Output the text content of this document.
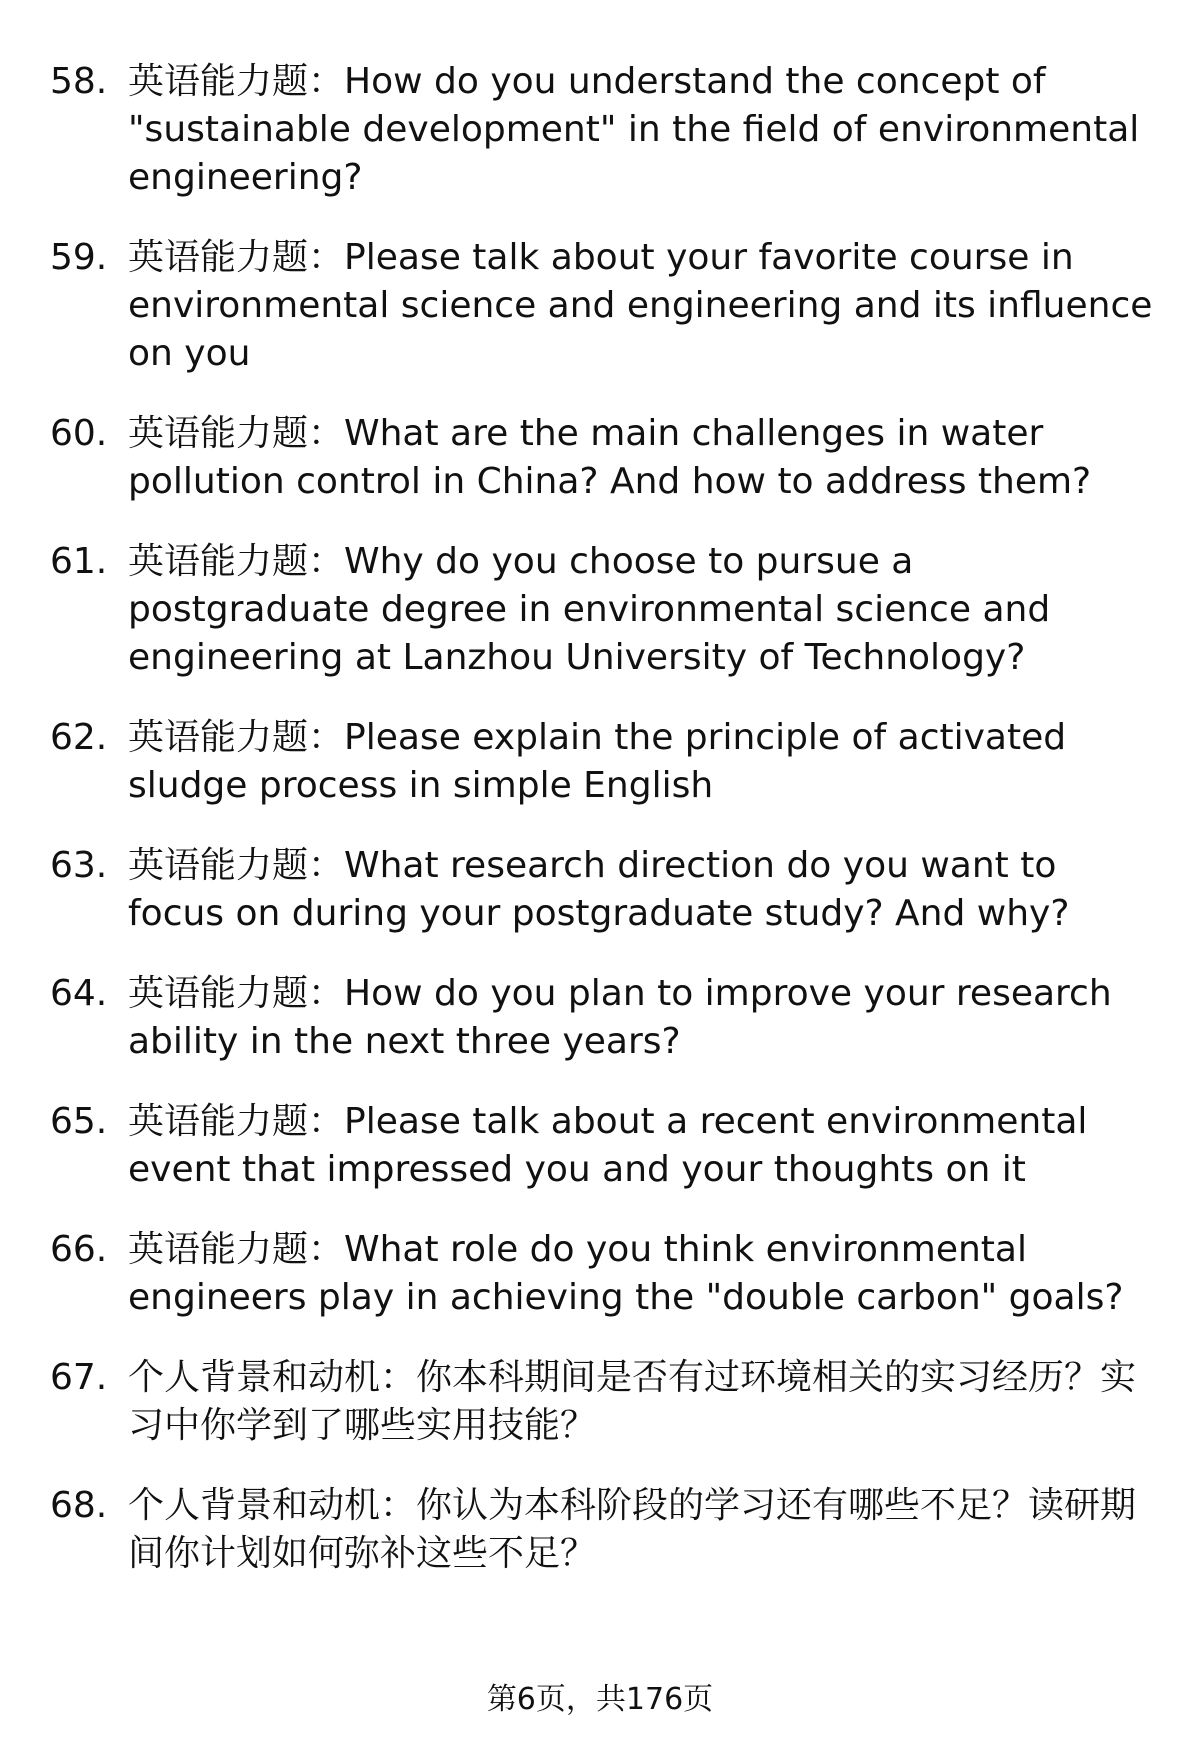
58. 英语能力题：How do you understand the concept of "sustainable development" in the field of environmental engineering?
59. 英语能力题：Please talk about your favorite course in environmental science and engineering and its influence on you
60. 英语能力题：What are the main challenges in water pollution control in China? And how to address them?
61. 英语能力题：Why do you choose to pursue a postgraduate degree in environmental science and engineering at Lanzhou University of Technology?
62. 英语能力题：Please explain the principle of activated sludge process in simple English
63. 英语能力题：What research direction do you want to focus on during your postgraduate study? And why?
64. 英语能力题：How do you plan to improve your research ability in the next three years?
65. 英语能力题：Please talk about a recent environmental event that impressed you and your thoughts on it
66. 英语能力题：What role do you think environmental engineers play in achieving the "double carbon" goals?
67. 个人背景和动机：你本科期间是否有过环境相关的实习经历？实习中你学到了哪些实用技能？
68. 个人背景和动机：你认为本科阶段的学习还有哪些不足？读研期间你计划如何弥补这些不足？
第6页，共176页
